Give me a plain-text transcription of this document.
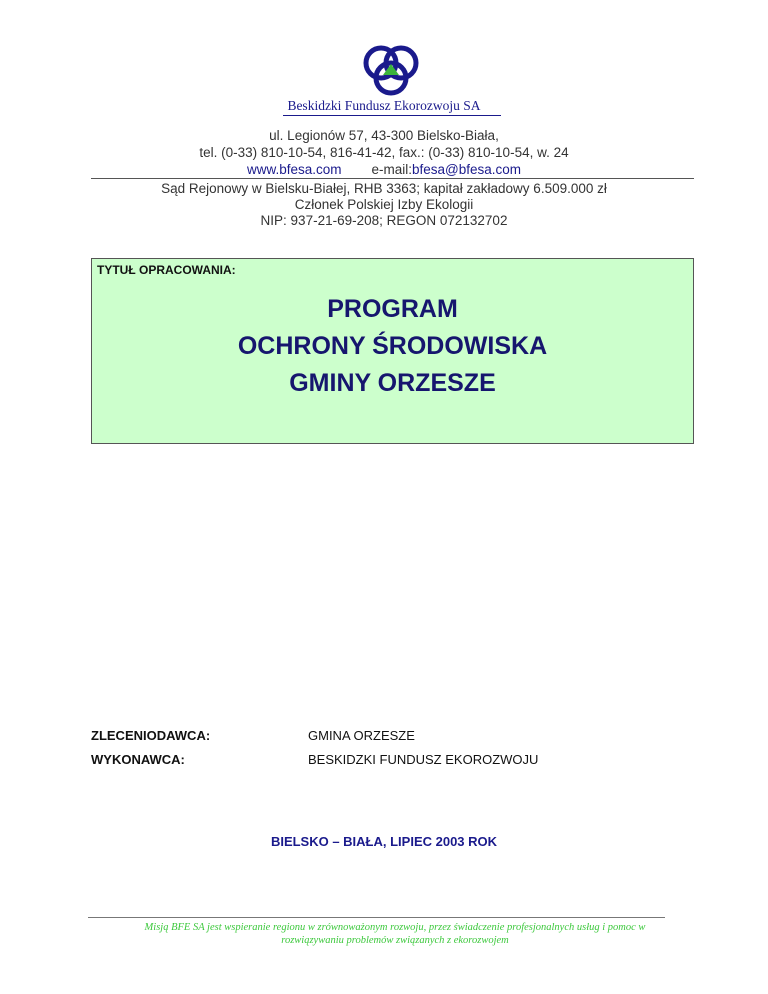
Beskidzki Fundusz Ekorozwoju SA
ul. Legionów 57, 43-300 Bielsko-Biała,
tel. (0-33) 810-10-54, 816-41-42, fax.: (0-33) 810-10-54, w. 24
www.bfesa.com e-mail:bfesa@bfesa.com
Sąd Rejonowy w Bielsku-Białej, RHB 3363; kapitał zakładowy 6.509.000 zł
Członek Polskiej Izby Ekologii
NIP: 937-21-69-208; REGON 072132702
TYTUŁ OPRACOWANIA:
PROGRAM
OCHRONY ŚRODOWISKA
GMINY ORZESZE
ZLECENIODAWCA:	GMINA ORZESZE
WYKONAWCA:	BESKIDZKI FUNDUSZ EKOROZWOJU
BIELSKO – BIAŁA, LIPIEC 2003 ROK
Misją BFE SA jest wspieranie regionu w zrównoważonym rozwoju, przez świadczenie profesjonalnych usług i pomoc w
rozwiązywaniu problemów związanych z ekorozwojem
